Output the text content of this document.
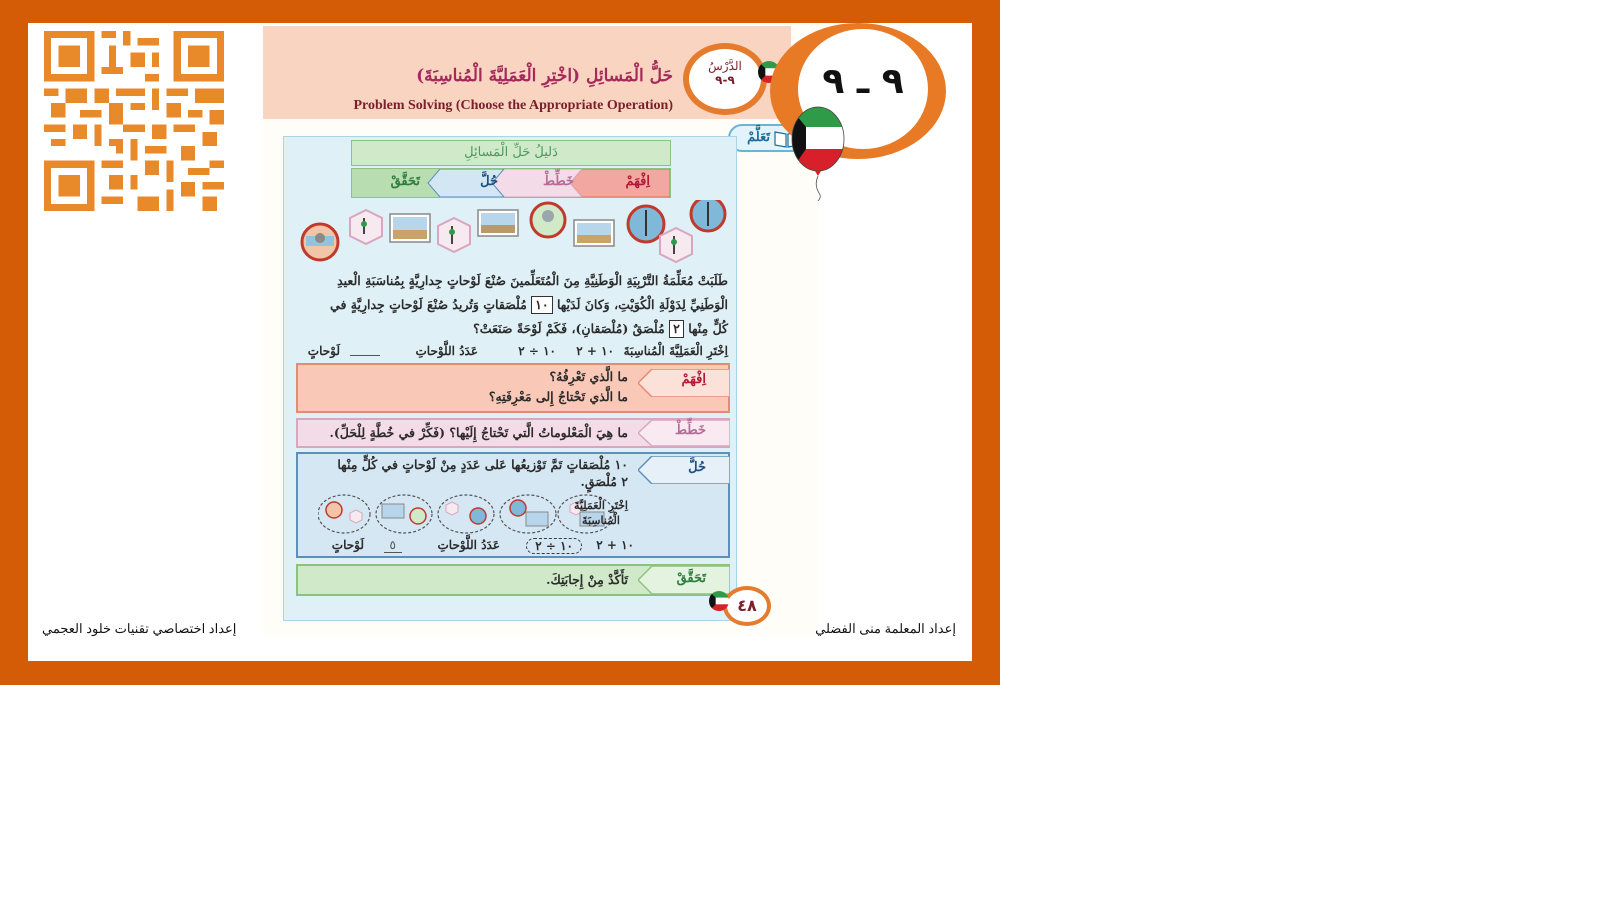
حَلُّ الْمَسائِلِ (اخْتِرِ الْعَمَلِيَّةَ الْمُناسِبَةَ)
Problem Solving (Choose the Appropriate Operation)
الدَّرْسُ
٩-٩
تَعَلَّمْ
دَليلُ حَلِّ الْمَسائِلِ
اِفْهَمْ
خَطِّطْ
حُلَّ
تَحَقَّقْ
طَلَبَتْ مُعَلِّمَةُ التَّرْبِيَةِ الْوَطَنِيَّةِ مِنَ الْمُتَعَلِّمينَ صُنْعَ لَوْحاتٍ جِدارِيَّةٍ بِمُناسَبَةِ الْعيدِ
الْوَطَنِيِّ لِدَوْلَةِ الْكُوَيْتِ، وَكانَ لَدَيْها ١٠ مُلْصَقاتٍ وَتُريدُ صُنْعَ لَوْحاتٍ جِدارِيَّةٍ في
كُلٍّ مِنْها ٢ مُلْصَقٌ (مُلْصَقانِ)، فَكَمْ لَوْحَةً صَنَعَتْ؟
اِخْتَرِ الْعَمَلِيَّةَ الْمُناسِبَةَ
١٠ + ٢
١٠ ÷ ٢
عَدَدُ اللَّوْحاتِ
لَوْحاتٍ
اِفْهَمْ
ما الَّذي تَعْرِفُهُ؟
ما الَّذي تَحْتاجُ إِلى مَعْرِفَتِهِ؟
خَطِّطْ
ما هِيَ الْمَعْلوماتُ الَّتي تَحْتاجُ إِلَيْها؟ (فَكِّرْ في خُطَّةٍ لِلْحَلِّ).
حُلَّ
١٠ مُلْصَقاتٍ تَمَّ تَوْزيعُها عَلى عَدَدٍ مِنْ لَوْحاتٍ في كُلٍّ مِنْها
٢ مُلْصَقٍ.
اِخْتَرِ الْعَمَلِيَّةَ
الْمُناسِبَةَ
١٠ + ٢
١٠ ÷ ٢
عَدَدُ اللَّوْحاتِ
٥
لَوْحاتٍ
تَحَقَّقْ
تَأَكَّدْ مِنْ إِجابَتِكَ.
٤٨
٩ ـ ٩
إعداد اختصاصي تقنيات خلود العجمي	إعداد المعلمة منى الفضلي
